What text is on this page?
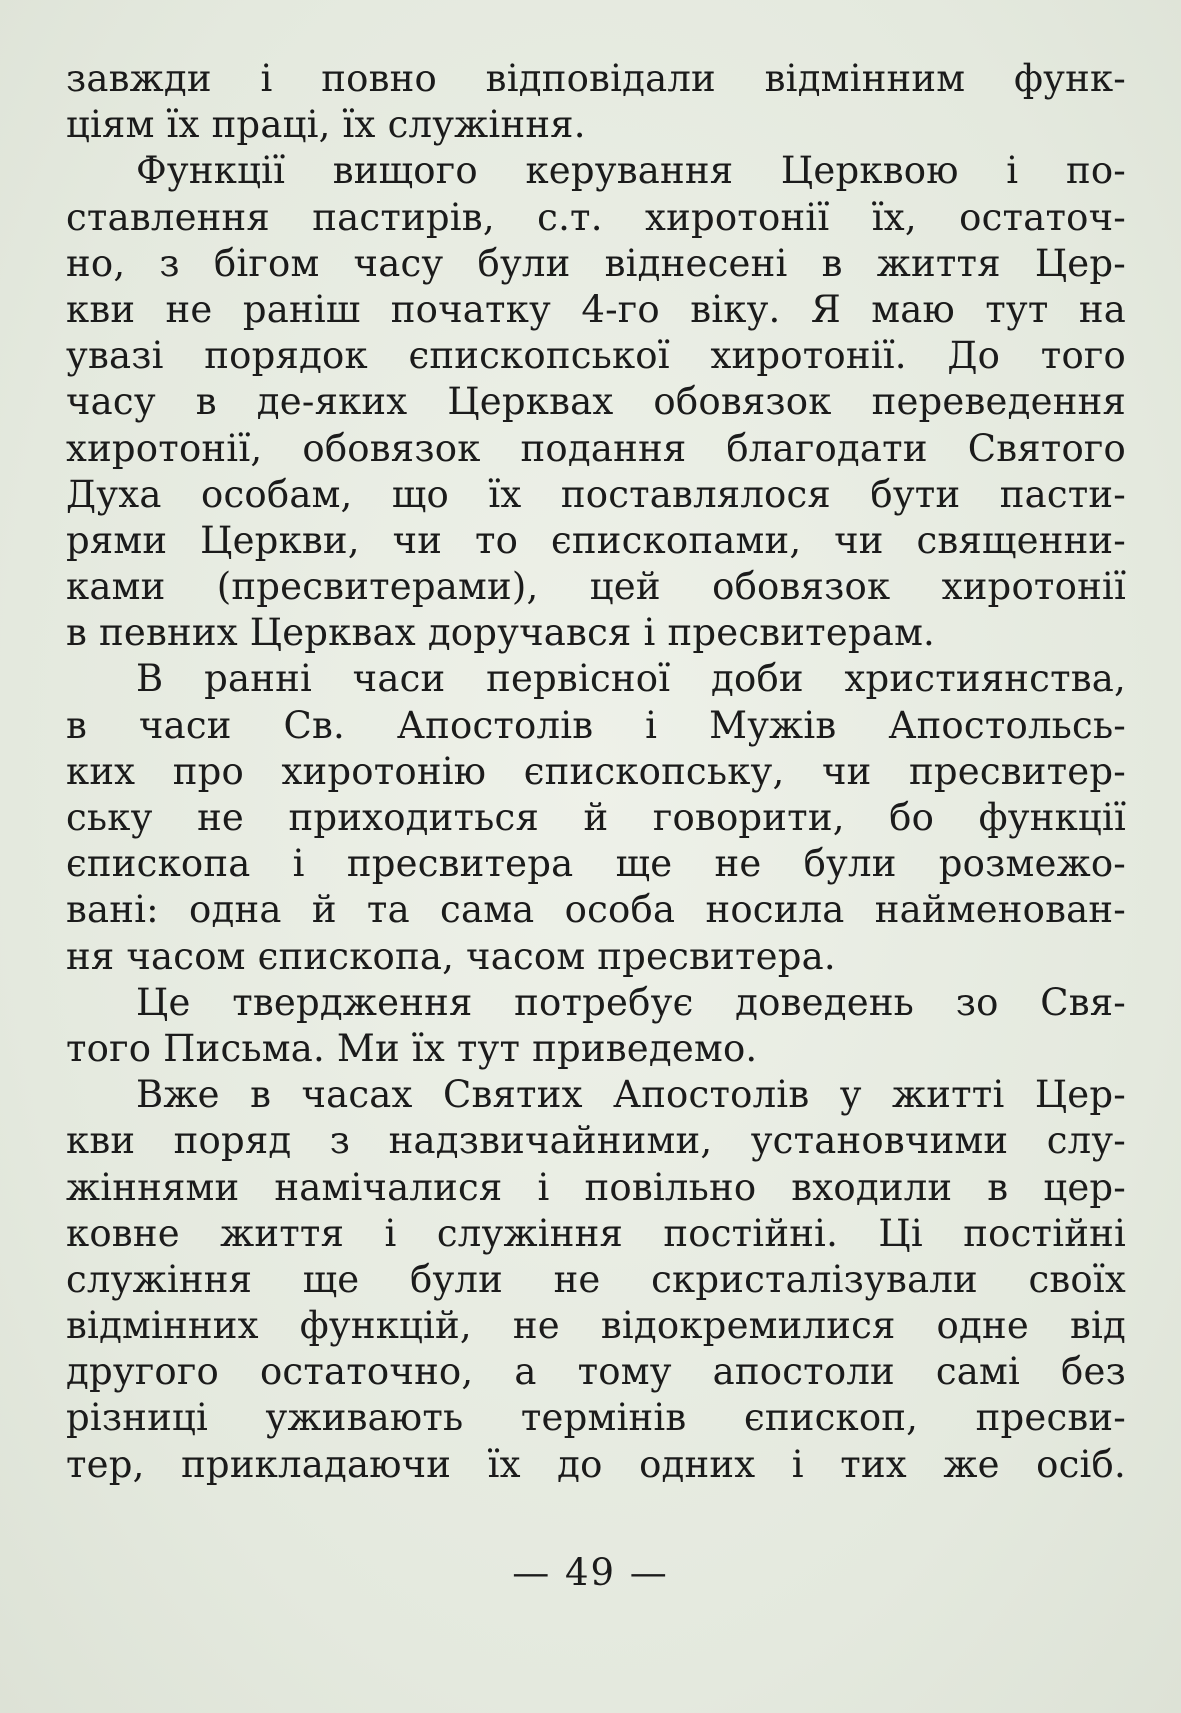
завжди і повно відповідали відмінним функ-
ціям їх праці, їх служіння.
Функції вищого керування Церквою і по-
ставлення пастирів, с.т. хиротонії їх, остаточ-
но, з бігом часу були віднесені в життя Цер-
кви не раніш початку 4-го віку. Я маю тут на
увазі порядок єпископської хиротонії. До того
часу в де-яких Церквах обовязок переведення
хиротонії, обовязок подання благодати Святого
Духа особам, що їх поставлялося бути пасти-
рями Церкви, чи то єпископами, чи священни-
ками (пресвитерами), цей обовязок хиротонії
в певних Церквах доручався і пресвитерам.
В ранні часи первісної доби християнства,
в часи Св. Апостолів і Мужів Апостольсь-
ких про хиротонію єпископську, чи пресвитер-
ську не приходиться й говорити, бо функції
єпископа і пресвитера ще не були розмежо-
вані: одна й та сама особа носила найменован-
ня часом єпископа, часом пресвитера.
Це твердження потребує доведень зо Свя-
того Письма. Ми їх тут приведемо.
Вже в часах Святих Апостолів у житті Цер-
кви поряд з надзвичайними, установчими слу-
жіннями намічалися і повільно входили в цер-
ковне життя і служіння постійні. Ці постійні
служіння ще були не скристалізували своїх
відмінних функцій, не відокремилися одне від
другого остаточно, а тому апостоли самі без
різниці уживають термінів єпископ, пресви-
тер, прикладаючи їх до одних і тих же осіб.
— 49 —
